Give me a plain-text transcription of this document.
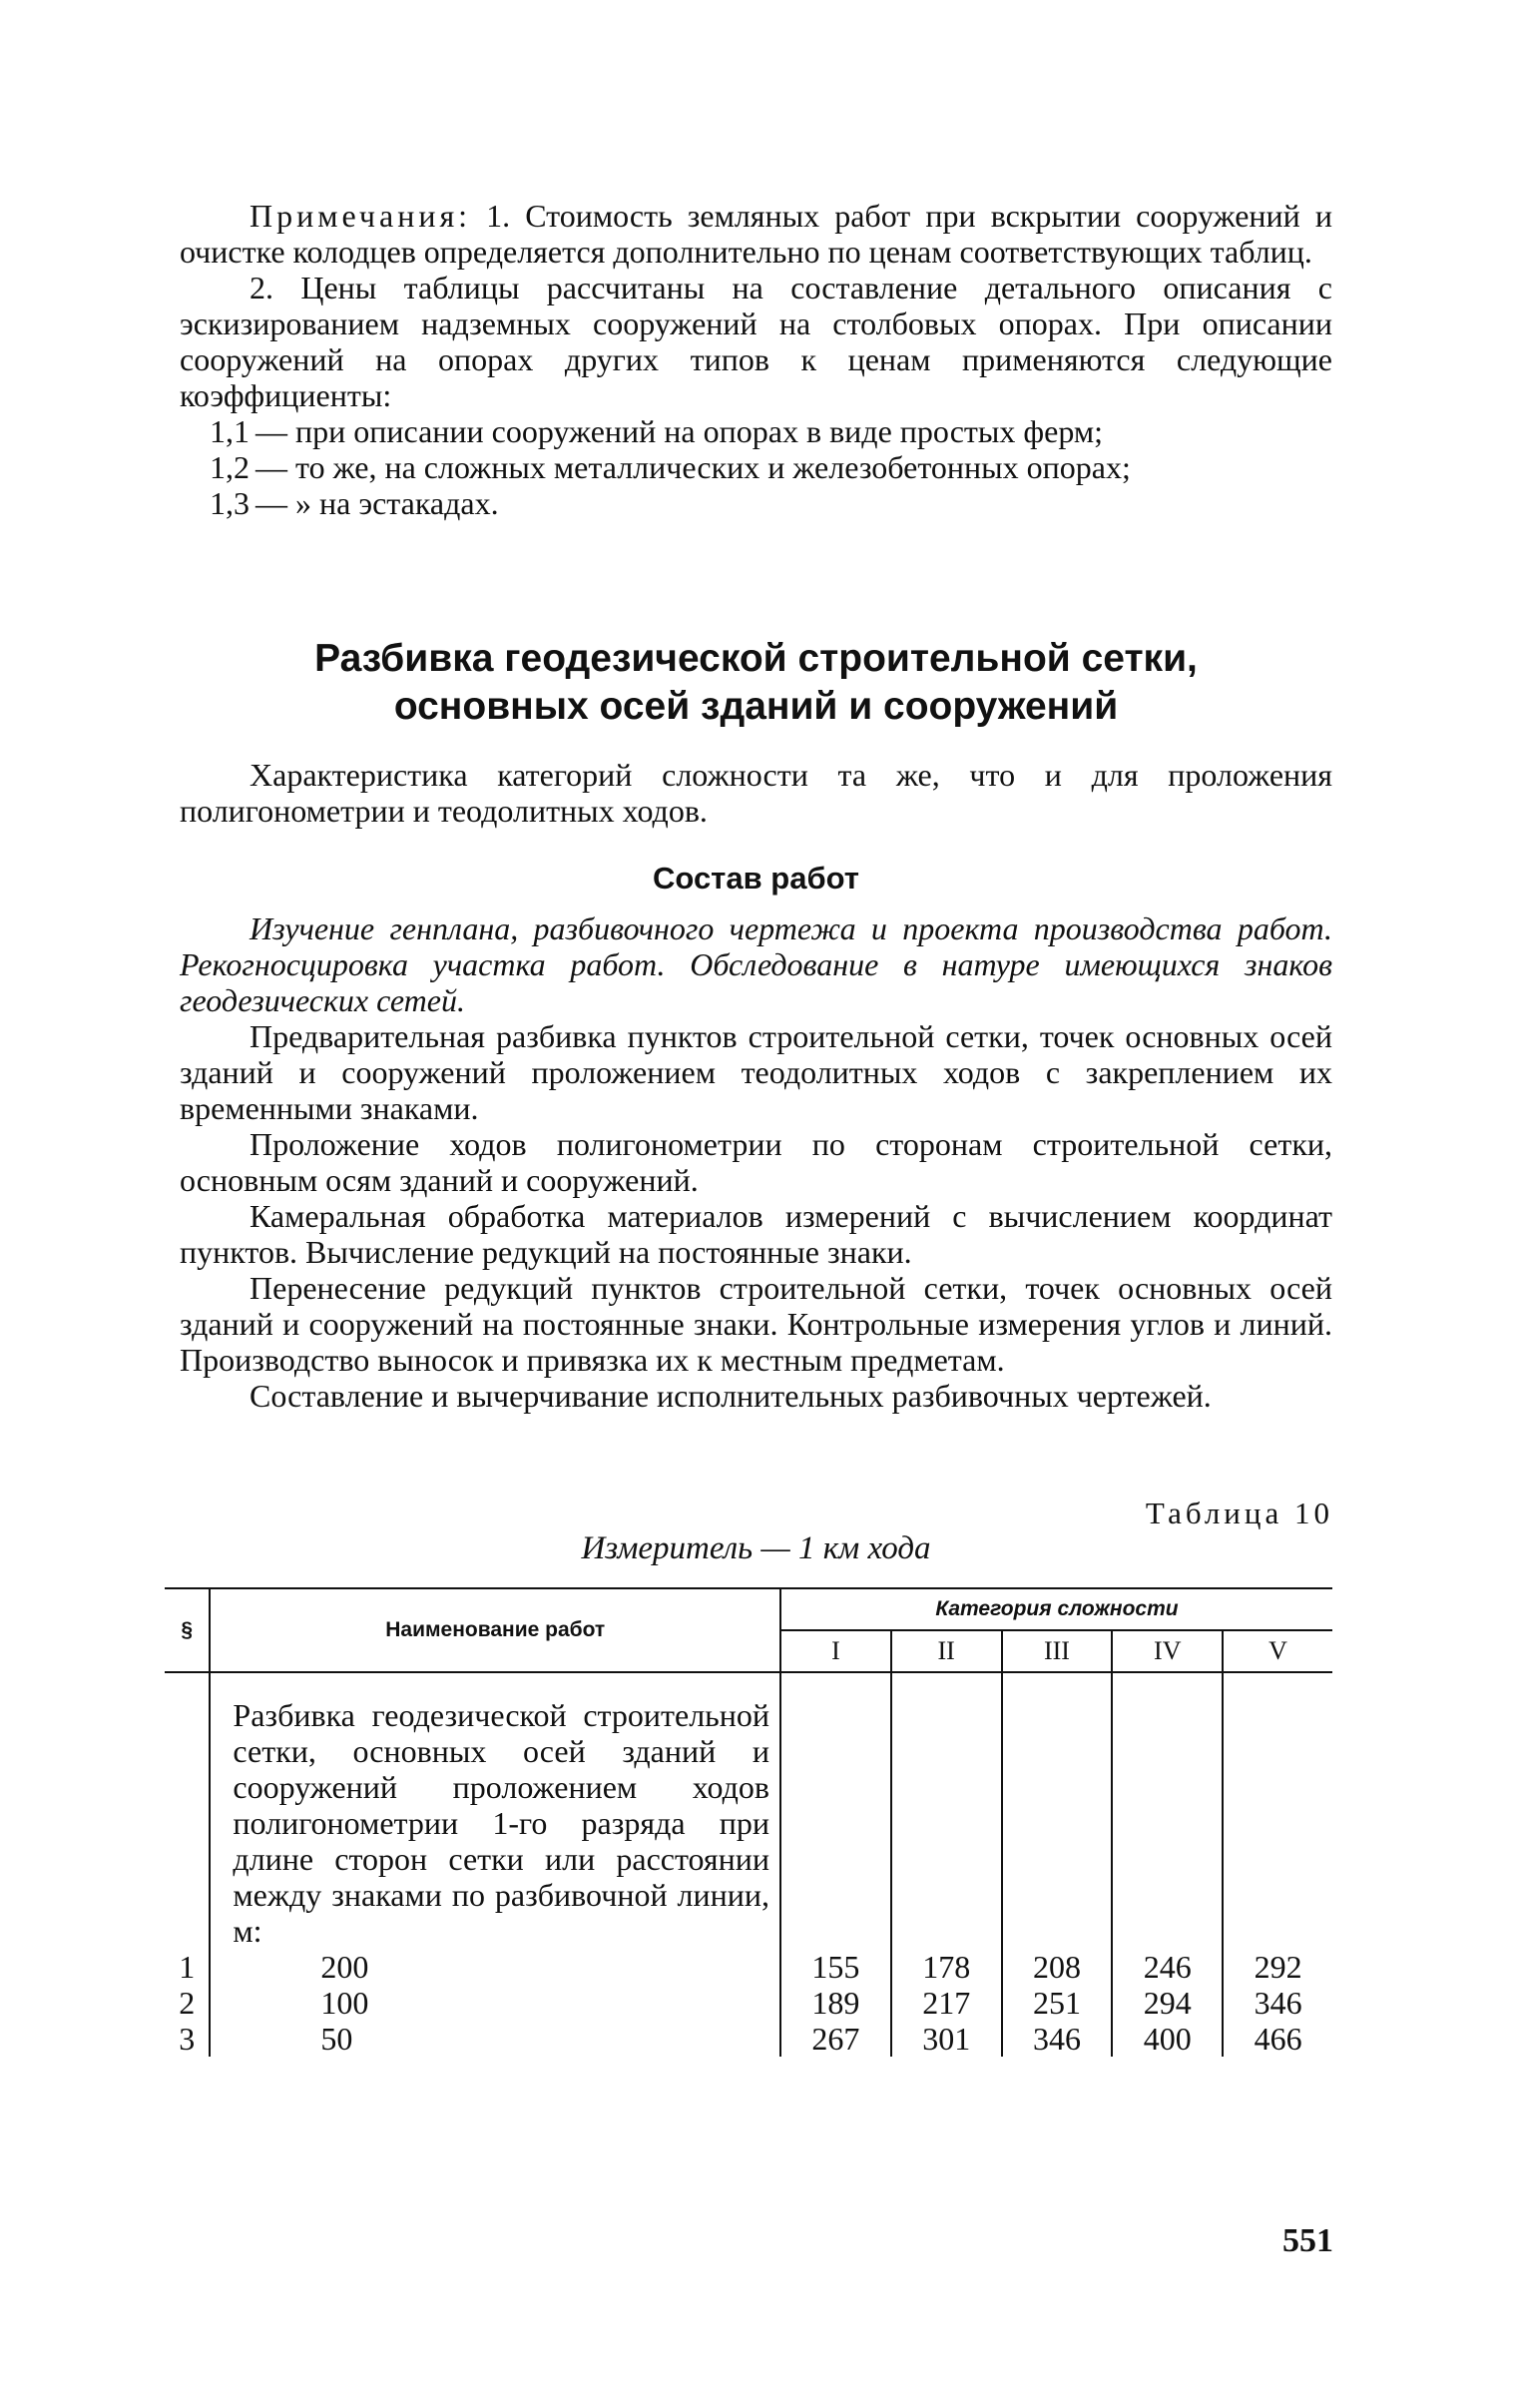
Примечания: 1. Стоимость земляных работ при вскрытии сооружений и очистке колодцев определяется дополнительно по ценам соответствующих таблиц.

2. Цены таблицы рассчитаны на составление детального описания с эскизированием надземных сооружений на столбовых опорах. При описании сооружений на опорах других типов к ценам применяются следующие коэффициенты:

1,1 — при описании сооружений на опорах в виде простых ферм;
1,2 — то же, на сложных металлических и железобетонных опорах;
1,3 — » на эстакадах.
Разбивка геодезической строительной сетки,
основных осей зданий и сооружений

Характеристика категорий сложности та же, что и для проложения полигонометрии и теодолитных ходов.

Состав работ

Изучение генплана, разбивочного чертежа и проекта производства работ. Рекогносцировка участка работ. Обследование в натуре имеющихся знаков геодезических сетей.

Предварительная разбивка пунктов строительной сетки, точек основных осей зданий и сооружений проложением теодолитных ходов с закреплением их временными знаками.

Проложение ходов полигонометрии по сторонам строительной сетки, основным осям зданий и сооружений.

Камеральная обработка материалов измерений с вычислением координат пунктов. Вычисление редукций на постоянные знаки.

Перенесение редукций пунктов строительной сетки, точек основных осей зданий и сооружений на постоянные знаки. Контрольные измерения углов и линий. Производство выносок и привязка их к местным предметам.

Составление и вычерчивание исполнительных разбивочных чертежей.

Таблица 10
Измеритель — 1 км хода
§	Наименование работ	Категория сложности				
		I	II	III	IV	V
	Разбивка геодезической строительной сетки, основных осей зданий и сооружений проложением ходов полигонометрии 1-го разряда при длине сторон сетки или расстоянии между знаками по разбивочной линии, м:					
1	200	155	178	208	246	292
2	100	189	217	251	294	346
3	50	267	301	346	400	466
551
